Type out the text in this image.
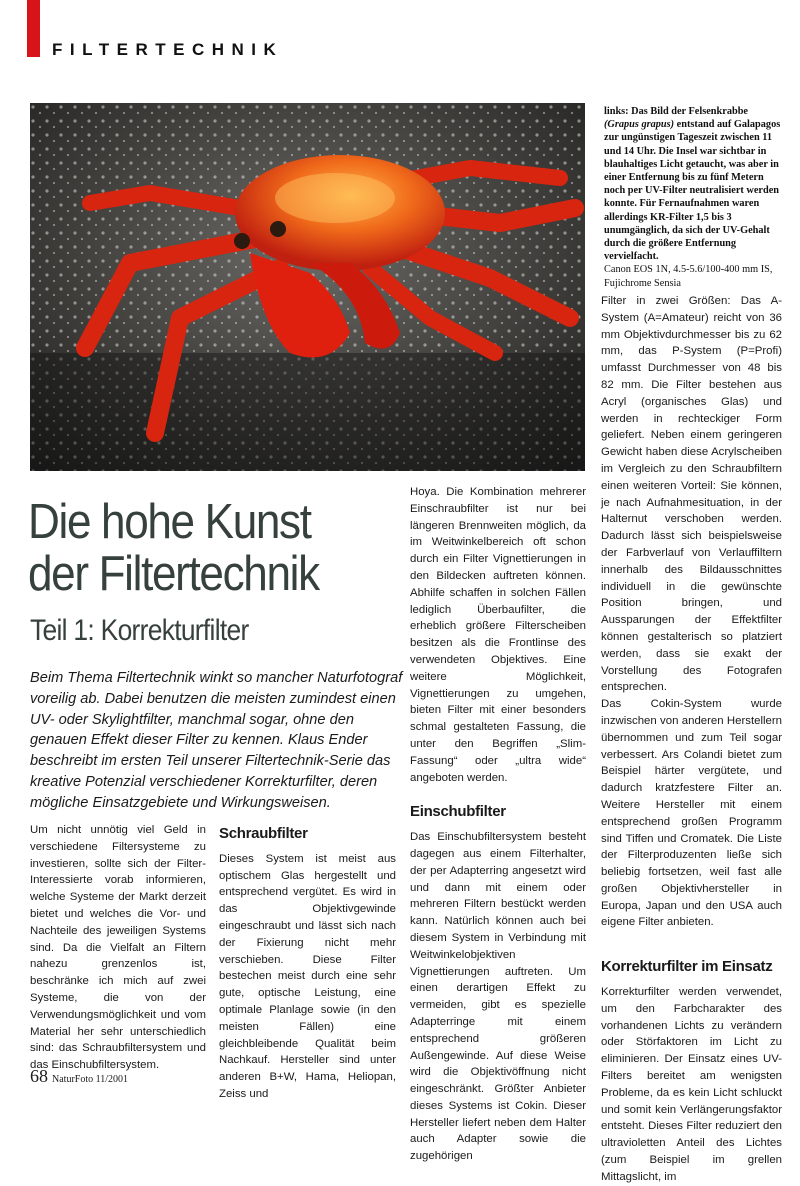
FILTERTECHNIK
links: Das Bild der Felsenkrabbe (Grapus grapus) entstand auf Galapagos zur ungünstigen Tageszeit zwischen 11 und 14 Uhr. Die Insel war sichtbar in blauhaltiges Licht getaucht, was aber in einer Entfernung bis zu fünf Metern noch per UV-Filter neutralisiert werden konnte. Für Fernaufnahmen waren allerdings KR-Filter 1,5 bis 3 unumgänglich, da sich der UV-Gehalt durch die größere Entfernung vervielfacht.
Canon EOS 1N, 4.5-5.6/100-400 mm IS, Fujichrome Sensia
Die hohe Kunst
der Filtertechnik
Teil 1: Korrekturfilter
Beim Thema Filtertechnik winkt so mancher Naturfotograf voreilig ab. Dabei benutzen die meisten zumindest einen UV- oder Skylightfilter, manchmal sogar, ohne den genauen Effekt dieser Filter zu kennen. Klaus Ender beschreibt im ersten Teil unserer Filtertechnik-Serie das kreative Potenzial verschiedener Korrekturfilter, deren mögliche Einsatzgebiete und Wirkungsweisen.

Um nicht unnötig viel Geld in verschiedene Filtersysteme zu investieren, sollte sich der Filter-Interessierte vorab informieren, welche Systeme der Markt derzeit bietet und welches die Vor- und Nachteile des jeweiligen Systems sind. Da die Vielfalt an Filtern nahezu grenzenlos ist, beschränke ich mich auf zwei Systeme, die von der Verwendungsmöglichkeit und vom Material her sehr unterschiedlich sind: das Schraubfiltersystem und das Einschubfiltersystem.

Schraubfilter

Dieses System ist meist aus optischem Glas hergestellt und entsprechend vergütet. Es wird in das Objektivgewinde eingeschraubt und lässt sich nach der Fixierung nicht mehr verschieben. Diese Filter bestechen meist durch eine sehr gute, optische Leistung, eine optimale Planlage sowie (in den meisten Fällen) eine gleichbleibende Qualität beim Nachkauf. Hersteller sind unter anderen B+W, Hama, Heliopan, Zeiss und

Hoya. Die Kombination mehrerer Einschraubfilter ist nur bei längeren Brennweiten möglich, da im Weitwinkelbereich oft schon durch ein Filter Vignettierungen in den Bildecken auftreten können. Abhilfe schaffen in solchen Fällen lediglich Überbaufilter, die erheblich größere Filterscheiben besitzen als die Frontlinse des verwendeten Objektives. Eine weitere Möglichkeit, Vignettierungen zu umgehen, bieten Filter mit einer besonders schmal gestalteten Fassung, die unter den Begriffen „Slim-Fassung“ oder „ultra wide“ angeboten werden.

Einschubfilter

Das Einschubfiltersystem besteht dagegen aus einem Filterhalter, der per Adapterring angesetzt wird und dann mit einem oder mehreren Filtern bestückt werden kann. Natürlich können auch bei diesem System in Verbindung mit Weitwinkelobjektiven Vignettierungen auftreten. Um einen derartigen Effekt zu vermeiden, gibt es spezielle Adapterringe mit einem entsprechend größeren Außengewinde. Auf diese Weise wird die Objektivöffnung nicht eingeschränkt. Größter Anbieter dieses Systems ist Cokin. Dieser Hersteller liefert neben dem Halter auch Adapter sowie die zugehörigen

Filter in zwei Größen: Das A-System (A=Amateur) reicht von 36 mm Objektivdurchmesser bis zu 62 mm, das P-System (P=Profi) umfasst Durchmesser von 48 bis 82 mm. Die Filter bestehen aus Acryl (organisches Glas) und werden in rechteckiger Form geliefert. Neben einem geringeren Gewicht haben diese Acrylscheiben im Vergleich zu den Schraubfiltern einen weiteren Vorteil: Sie können, je nach Aufnahmesituation, in der Halternut verschoben werden. Dadurch lässt sich beispielsweise der Farbverlauf von Verlauffiltern innerhalb des Bildausschnittes individuell in die gewünschte Position bringen, und Aussparungen der Effektfilter können gestalterisch so platziert werden, dass sie exakt der Vorstellung des Fotografen entsprechen.

Das Cokin-System wurde inzwischen von anderen Herstellern übernommen und zum Teil sogar verbessert. Ars Colandi bietet zum Beispiel härter vergütete, und dadurch kratzfestere Filter an. Weitere Hersteller mit einem entsprechend großen Programm sind Tiffen und Cromatek. Die Liste der Filterproduzenten ließe sich beliebig fortsetzen, weil fast alle großen Objektivhersteller in Europa, Japan und den USA auch eigene Filter anbieten.

Korrekturfilter im Einsatz

Korrekturfilter werden verwendet, um den Farbcharakter des vorhandenen Lichts zu verändern oder Störfaktoren im Licht zu eliminieren. Der Einsatz eines UV-Filters bereitet am wenigsten Probleme, da es kein Licht schluckt und somit kein Verlängerungsfaktor entsteht. Dieses Filter reduziert den ultravioletten Anteil des Lichtes (zum Beispiel im grellen Mittagslicht, im

68 NaturFoto 11/2001
